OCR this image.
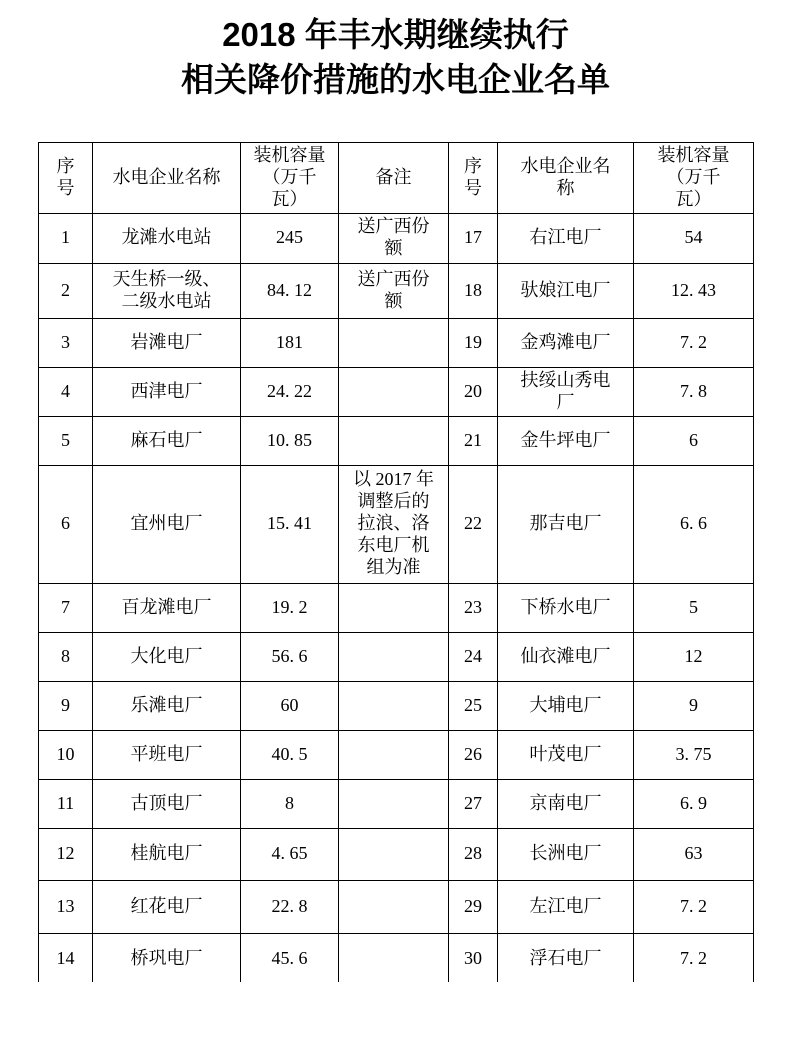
2018 年丰水期继续执行
相关降价措施的水电企业名单
序号	水电企业名称	装机容量（万千瓦）	备注	序号	水电企业名称	装机容量（万千瓦）
1	龙滩水电站	245	送广西份额	17	右江电厂	54
2	天生桥一级、二级水电站	84. 12	送广西份额	18	驮娘江电厂	12. 43
3	岩滩电厂	181		19	金鸡滩电厂	7. 2
4	西津电厂	24. 22		20	扶绥山秀电厂	7. 8
5	麻石电厂	10. 85		21	金牛坪电厂	6
6	宜州电厂	15. 41	以 2017 年调整后的拉浪、洛东电厂机组为准	22	那吉电厂	6. 6
7	百龙滩电厂	19. 2		23	下桥水电厂	5
8	大化电厂	56. 6		24	仙衣滩电厂	12
9	乐滩电厂	60		25	大埔电厂	9
10	平班电厂	40. 5		26	叶茂电厂	3. 75
11	古顶电厂	8		27	京南电厂	6. 9
12	桂航电厂	4. 65		28	长洲电厂	63
13	红花电厂	22. 8		29	左江电厂	7. 2
14	桥巩电厂	45. 6		30	浮石电厂	7. 2
